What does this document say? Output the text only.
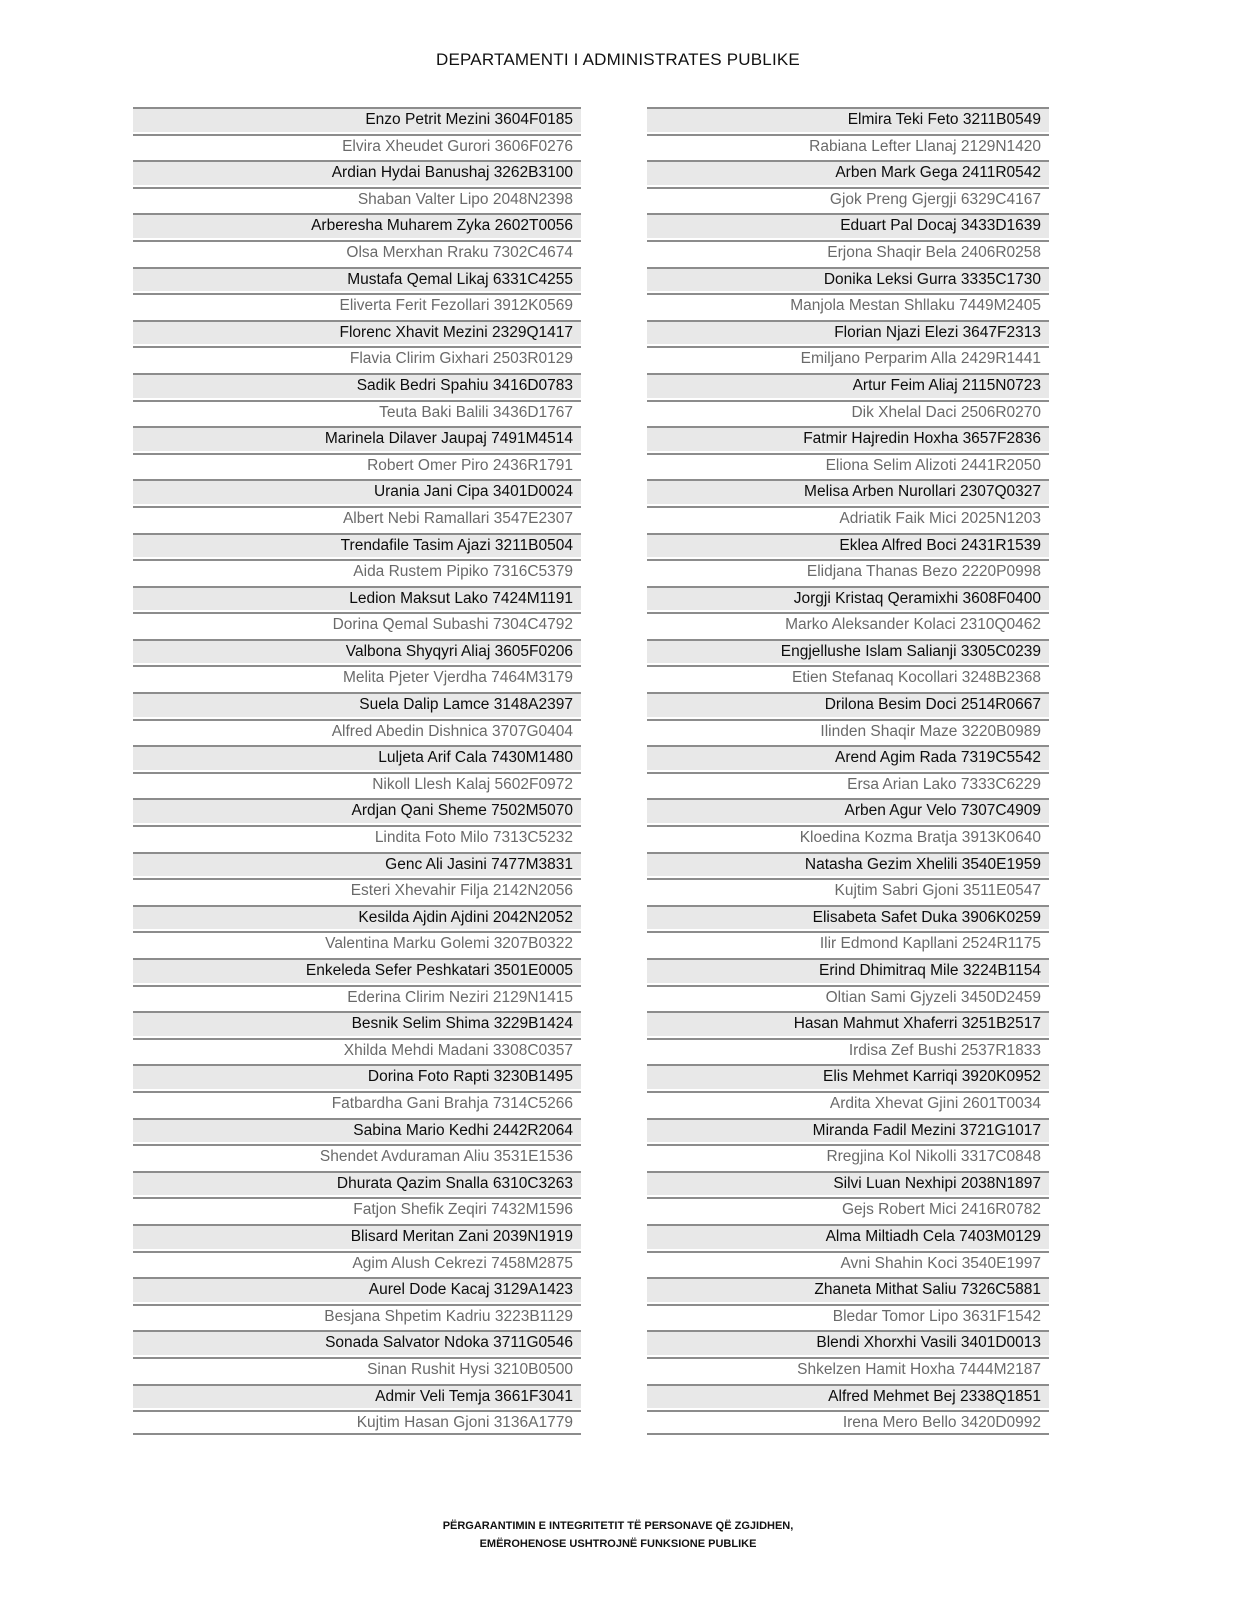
DEPARTAMENTI I ADMINISTRATES PUBLIKE
Enzo Petrit Mezini 3604F0185
Elvira Xheudet Gurori 3606F0276
Ardian Hydai Banushaj 3262B3100
Shaban Valter Lipo 2048N2398
Arberesha Muharem Zyka 2602T0056
Olsa Merxhan Rraku 7302C4674
Mustafa Qemal Likaj 6331C4255
Eliverta Ferit Fezollari 3912K0569
Florenc Xhavit Mezini 2329Q1417
Flavia Clirim Gixhari 2503R0129
Sadik Bedri Spahiu 3416D0783
Teuta Baki Balili 3436D1767
Marinela Dilaver Jaupaj 7491M4514
Robert Omer Piro 2436R1791
Urania Jani Cipa 3401D0024
Albert Nebi Ramallari 3547E2307
Trendafile Tasim Ajazi 3211B0504
Aida Rustem Pipiko 7316C5379
Ledion Maksut Lako 7424M1191
Dorina Qemal Subashi 7304C4792
Valbona Shyqyri Aliaj 3605F0206
Melita Pjeter Vjerdha 7464M3179
Suela Dalip Lamce 3148A2397
Alfred Abedin Dishnica 3707G0404
Luljeta Arif Cala 7430M1480
Nikoll Llesh Kalaj 5602F0972
Ardjan Qani Sheme 7502M5070
Lindita Foto Milo 7313C5232
Genc Ali Jasini 7477M3831
Esteri Xhevahir Filja 2142N2056
Kesilda Ajdin Ajdini 2042N2052
Valentina Marku Golemi 3207B0322
Enkeleda Sefer Peshkatari 3501E0005
Ederina Clirim Neziri 2129N1415
Besnik Selim Shima 3229B1424
Xhilda Mehdi Madani 3308C0357
Dorina Foto Rapti 3230B1495
Fatbardha Gani Brahja 7314C5266
Sabina Mario Kedhi 2442R2064
Shendet Avduraman Aliu 3531E1536
Dhurata Qazim Snalla 6310C3263
Fatjon Shefik Zeqiri 7432M1596
Blisard Meritan Zani 2039N1919
Agim Alush Cekrezi 7458M2875
Aurel Dode Kacaj 3129A1423
Besjana Shpetim Kadriu 3223B1129
Sonada Salvator Ndoka 3711G0546
Sinan Rushit Hysi 3210B0500
Admir Veli Temja 3661F3041
Kujtim Hasan Gjoni 3136A1779
Elmira Teki Feto 3211B0549
Rabiana Lefter Llanaj 2129N1420
Arben Mark Gega 2411R0542
Gjok Preng Gjergji 6329C4167
Eduart Pal Docaj 3433D1639
Erjona Shaqir Bela 2406R0258
Donika Leksi Gurra 3335C1730
Manjola Mestan Shllaku 7449M2405
Florian Njazi Elezi 3647F2313
Emiljano Perparim Alla 2429R1441
Artur Feim Aliaj 2115N0723
Dik Xhelal Daci 2506R0270
Fatmir Hajredin Hoxha 3657F2836
Eliona Selim Alizoti 2441R2050
Melisa Arben Nurollari 2307Q0327
Adriatik Faik Mici 2025N1203
Eklea Alfred Boci 2431R1539
Elidjana Thanas Bezo 2220P0998
Jorgji Kristaq Qeramixhi 3608F0400
Marko Aleksander Kolaci 2310Q0462
Engjellushe Islam Salianji 3305C0239
Etien Stefanaq Kocollari 3248B2368
Drilona Besim Doci 2514R0667
Ilinden Shaqir Maze 3220B0989
Arend Agim Rada 7319C5542
Ersa Arian Lako 7333C6229
Arben Agur Velo 7307C4909
Kloedina Kozma Bratja 3913K0640
Natasha Gezim Xhelili 3540E1959
Kujtim Sabri Gjoni 3511E0547
Elisabeta Safet Duka 3906K0259
Ilir Edmond Kapllani 2524R1175
Erind Dhimitraq Mile 3224B1154
Oltian Sami Gjyzeli 3450D2459
Hasan Mahmut Xhaferri 3251B2517
Irdisa Zef Bushi 2537R1833
Elis Mehmet Karriqi 3920K0952
Ardita Xhevat Gjini 2601T0034
Miranda Fadil Mezini 3721G1017
Rregjina Kol Nikolli 3317C0848
Silvi Luan Nexhipi 2038N1897
Gejs Robert Mici 2416R0782
Alma Miltiadh Cela 7403M0129
Avni Shahin Koci 3540E1997
Zhaneta Mithat Saliu 7326C5881
Bledar Tomor Lipo 3631F1542
Blendi Xhorxhi Vasili 3401D0013
Shkelzen Hamit Hoxha 7444M2187
Alfred Mehmet Bej 2338Q1851
Irena Mero Bello 3420D0992
PËRGARANTIMIN E INTEGRITETIT TË PERSONAVE QË ZGJIDHEN,
EMËROHENOSE USHTROJNË FUNKSIONE PUBLIKE
